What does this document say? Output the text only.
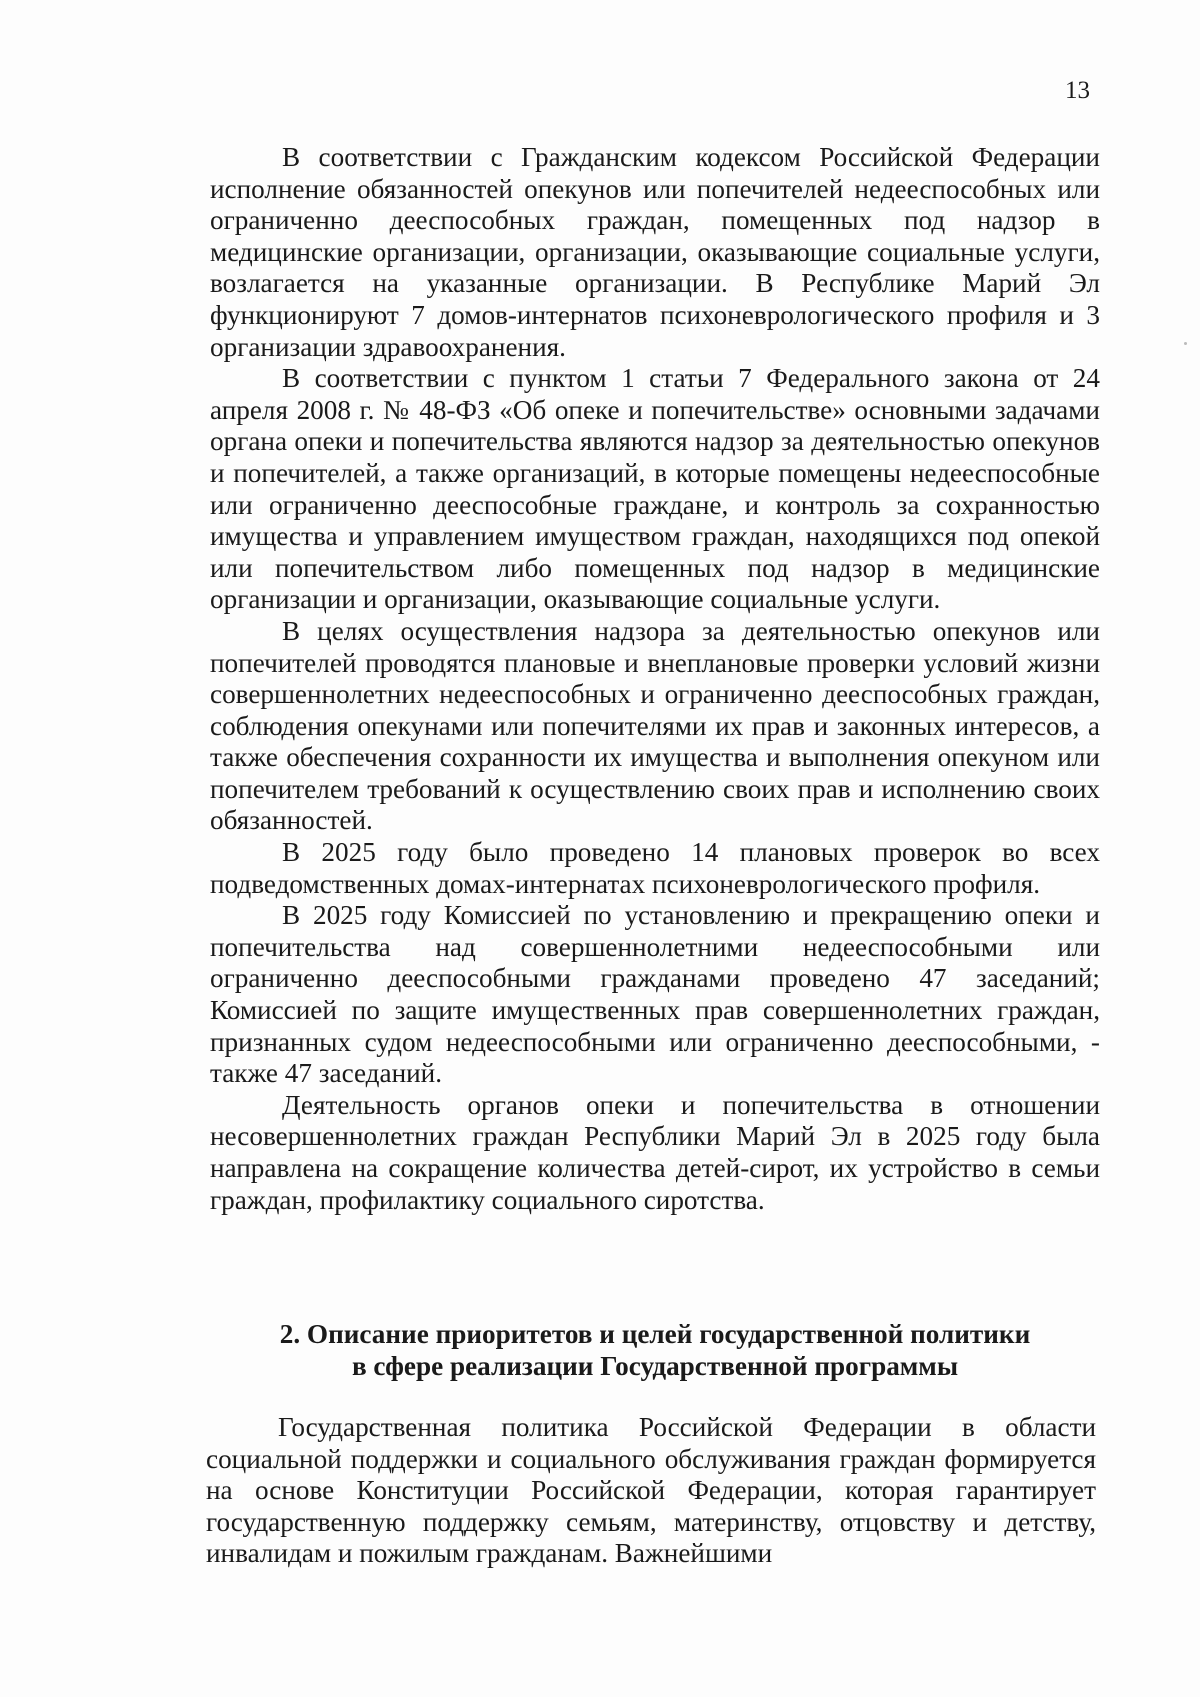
13

В соответствии с Гражданским кодексом Российской Федерации исполнение обязанностей опекунов или попечителей недееспособных или ограниченно дееспособных граждан, помещенных под надзор в медицинские организации, организации, оказывающие социальные услуги, возлагается на указанные организации. В Республике Марий Эл функционируют 7 домов-интернатов психоневрологического профиля и 3 организации здравоохранения.

В соответствии с пунктом 1 статьи 7 Федерального закона от 24 апреля 2008 г. № 48-ФЗ «Об опеке и попечительстве» основными задачами органа опеки и попечительства являются надзор за деятельностью опекунов и попечителей, а также организаций, в которые помещены недееспособные или ограниченно дееспособные граждане, и контроль за сохранностью имущества и управлением имуществом граждан, находящихся под опекой или попечительством либо помещенных под надзор в медицинские организации и организации, оказывающие социальные услуги.

В целях осуществления надзора за деятельностью опекунов или попечителей проводятся плановые и внеплановые проверки условий жизни совершеннолетних недееспособных и ограниченно дееспособных граждан, соблюдения опекунами или попечителями их прав и законных интересов, а также обеспечения сохранности их имущества и выполнения опекуном или попечителем требований к осуществлению своих прав и исполнению своих обязанностей.

В 2025 году было проведено 14 плановых проверок во всех подведомственных домах-интернатах психоневрологического профиля.

В 2025 году Комиссией по установлению и прекращению опеки и попечительства над совершеннолетними недееспособными или ограниченно дееспособными гражданами проведено 47 заседаний; Комиссией по защите имущественных прав совершеннолетних граждан, признанных судом недееспособными или ограниченно дееспособными, - также 47 заседаний.

Деятельность органов опеки и попечительства в отношении несовершеннолетних граждан Республики Марий Эл в 2025 году была направлена на сокращение количества детей-сирот, их устройство в семьи граждан, профилактику социального сиротства.

2. Описание приоритетов и целей государственной политики
в сфере реализации Государственной программы

Государственная политика Российской Федерации в области социальной поддержки и социального обслуживания граждан формируется на основе Конституции Российской Федерации, которая гарантирует государственную поддержку семьям, материнству, отцовству и детству, инвалидам и пожилым гражданам. Важнейшими
